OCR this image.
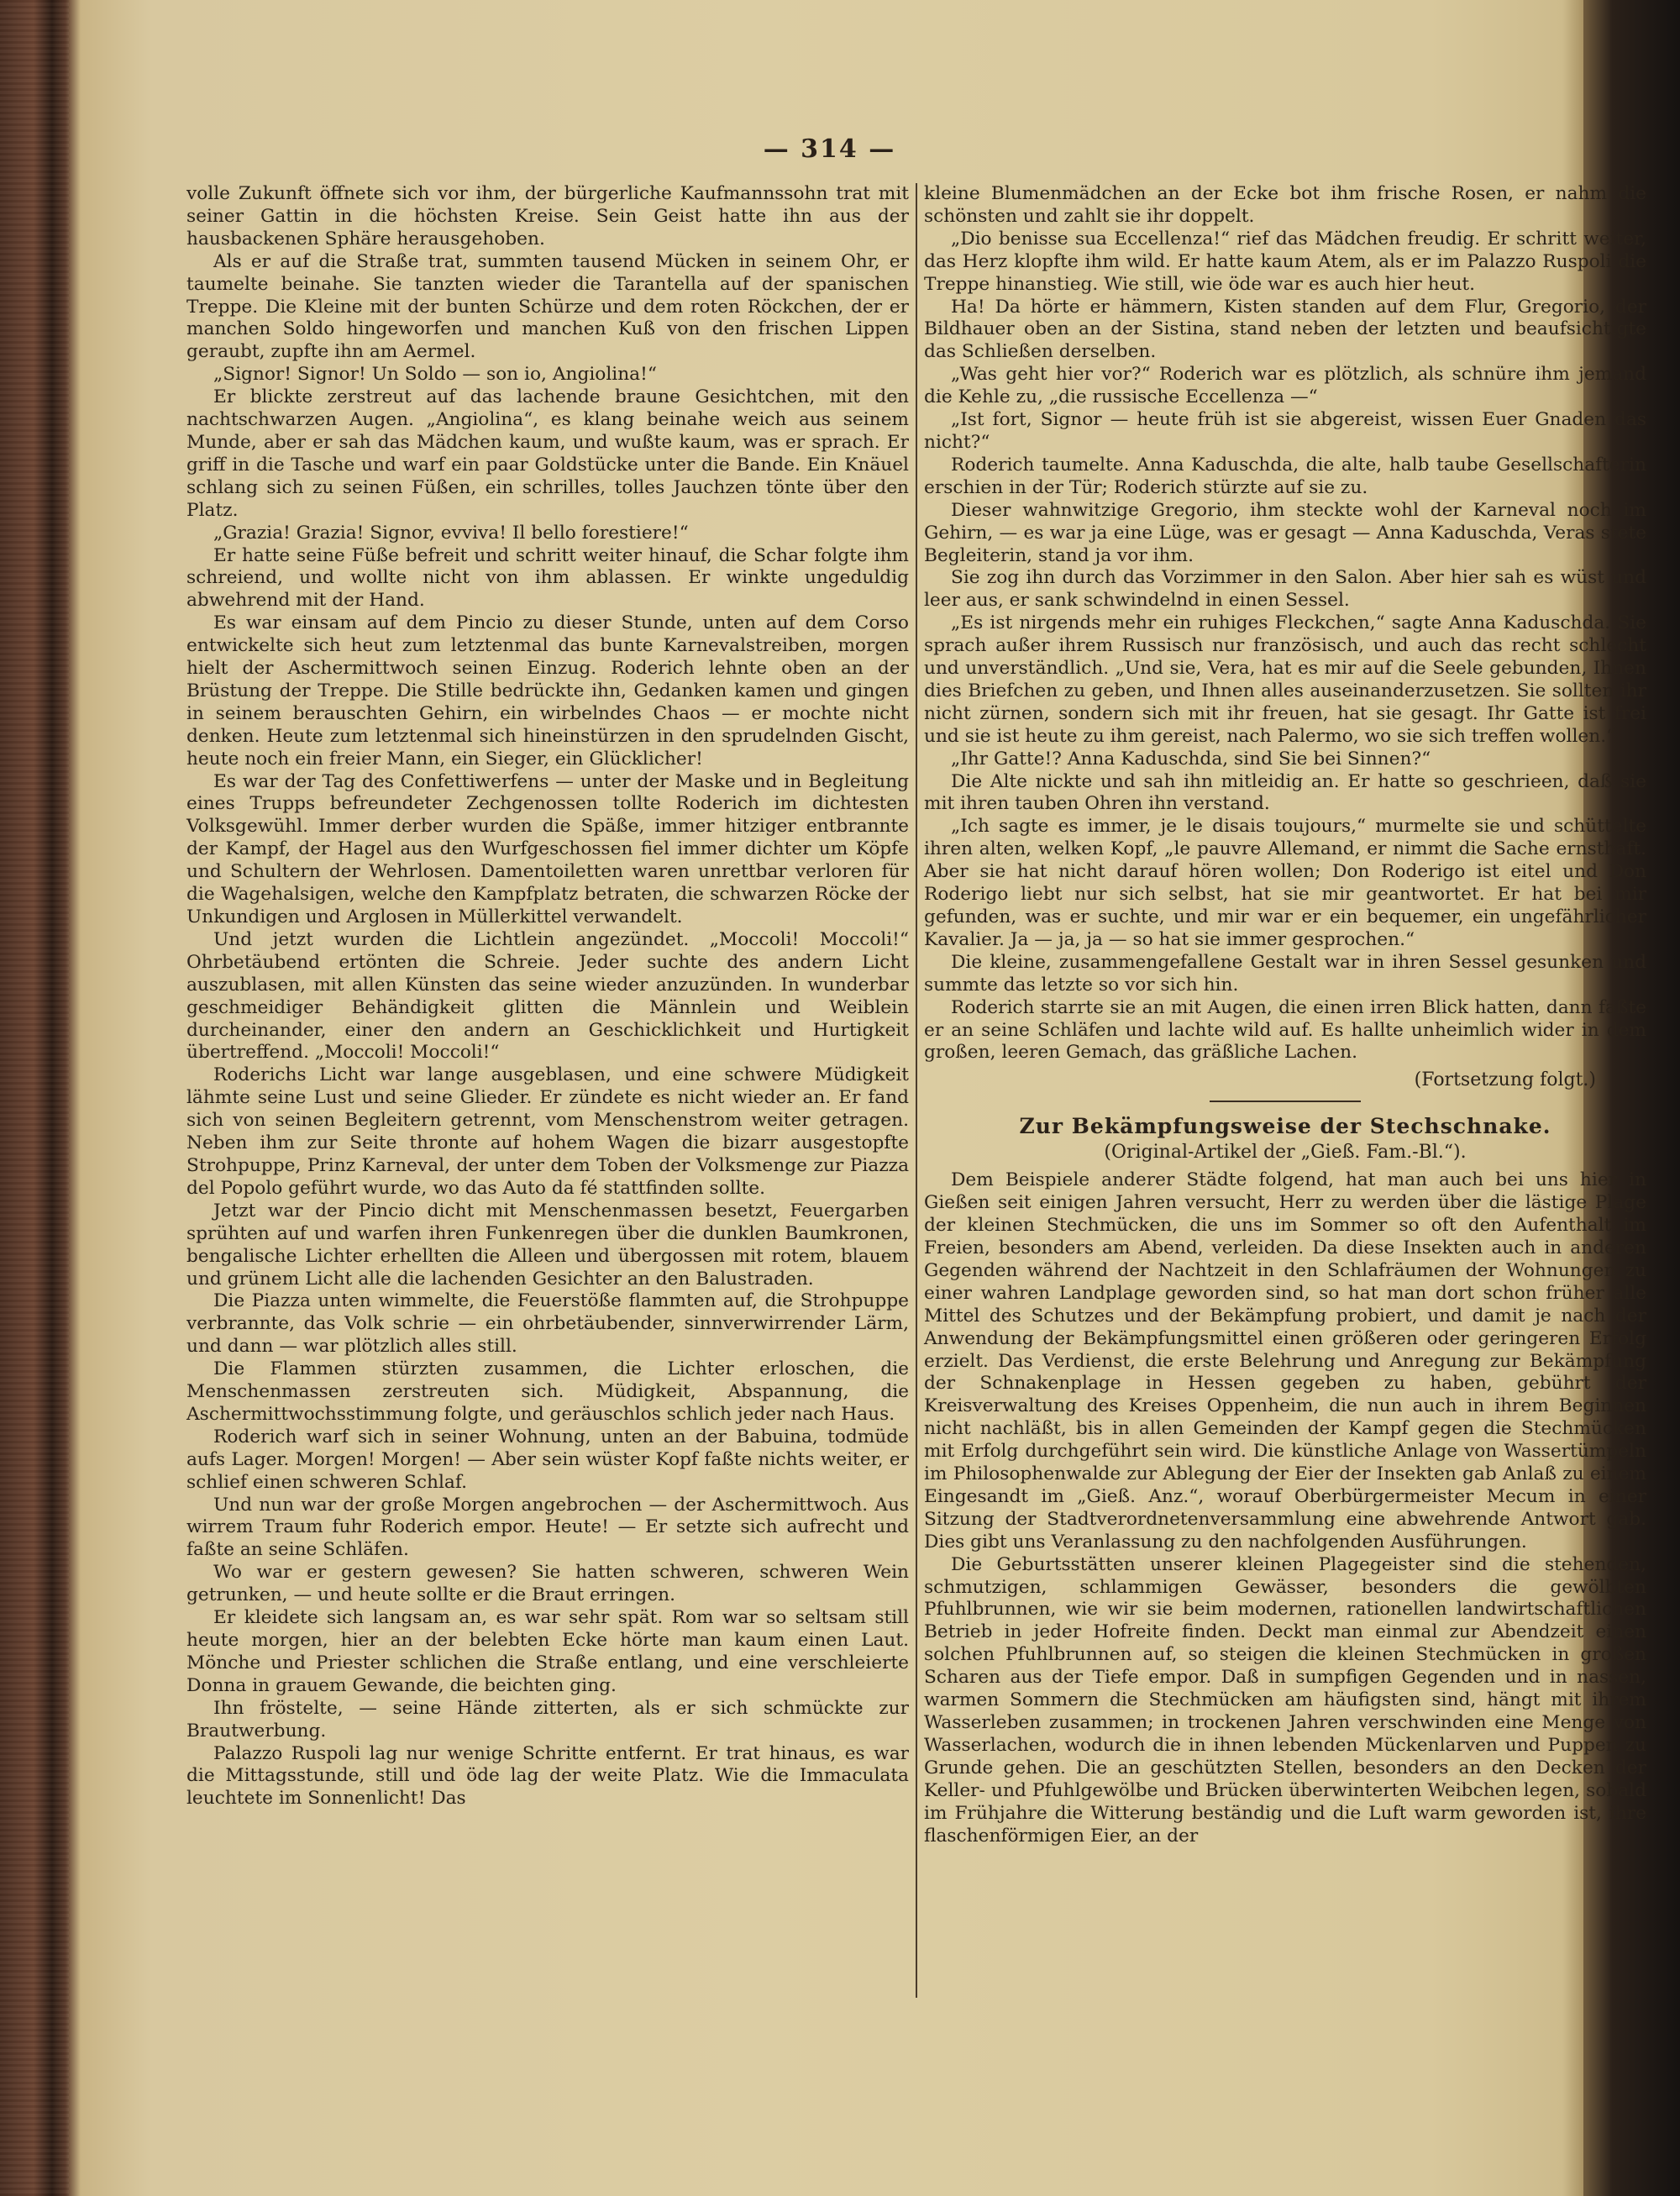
— 314 —

volle Zukunft öffnete sich vor ihm, der bürgerliche Kaufmannssohn trat mit seiner Gattin in die höchsten Kreise. Sein Geist hatte ihn aus der hausbackenen Sphäre herausgehoben.

Als er auf die Straße trat, summten tausend Mücken in seinem Ohr, er taumelte beinahe. Sie tanzten wieder die Tarantella auf der spanischen Treppe. Die Kleine mit der bunten Schürze und dem roten Röckchen, der er manchen Soldo hingeworfen und manchen Kuß von den frischen Lippen geraubt, zupfte ihn am Aermel.

„Signor! Signor! Un Soldo — son io, Angiolina!“

Er blickte zerstreut auf das lachende braune Gesichtchen, mit den nachtschwarzen Augen. „Angiolina“, es klang beinahe weich aus seinem Munde, aber er sah das Mädchen kaum, und wußte kaum, was er sprach. Er griff in die Tasche und warf ein paar Goldstücke unter die Bande. Ein Knäuel schlang sich zu seinen Füßen, ein schrilles, tolles Jauchzen tönte über den Platz.

„Grazia! Grazia! Signor, evviva! Il bello forestiere!“

Er hatte seine Füße befreit und schritt weiter hinauf, die Schar folgte ihm schreiend, und wollte nicht von ihm ablassen. Er winkte ungeduldig abwehrend mit der Hand.

Es war einsam auf dem Pincio zu dieser Stunde, unten auf dem Corso entwickelte sich heut zum letztenmal das bunte Karnevalstreiben, morgen hielt der Aschermittwoch seinen Einzug. Roderich lehnte oben an der Brüstung der Treppe. Die Stille bedrückte ihn, Gedanken kamen und gingen in seinem berauschten Gehirn, ein wirbelndes Chaos — er mochte nicht denken. Heute zum letztenmal sich hineinstürzen in den sprudelnden Gischt, heute noch ein freier Mann, ein Sieger, ein Glücklicher!

Es war der Tag des Confettiwerfens — unter der Maske und in Begleitung eines Trupps befreundeter Zechgenossen tollte Roderich im dichtesten Volksgewühl. Immer derber wurden die Späße, immer hitziger entbrannte der Kampf, der Hagel aus den Wurfgeschossen fiel immer dichter um Köpfe und Schultern der Wehrlosen. Damentoiletten waren unrettbar verloren für die Wagehalsigen, welche den Kampfplatz betraten, die schwarzen Röcke der Unkundigen und Arglosen in Müllerkittel verwandelt.

Und jetzt wurden die Lichtlein angezündet. „Moccoli! Moccoli!“ Ohrbetäubend ertönten die Schreie. Jeder suchte des andern Licht auszublasen, mit allen Künsten das seine wieder anzuzünden. In wunderbar geschmeidiger Behändigkeit glitten die Männlein und Weiblein durcheinander, einer den andern an Geschicklichkeit und Hurtigkeit übertreffend. „Moccoli! Moccoli!“

Roderichs Licht war lange ausgeblasen, und eine schwere Müdigkeit lähmte seine Lust und seine Glieder. Er zündete es nicht wieder an. Er fand sich von seinen Begleitern getrennt, vom Menschenstrom weiter getragen. Neben ihm zur Seite thronte auf hohem Wagen die bizarr ausgestopfte Strohpuppe, Prinz Karneval, der unter dem Toben der Volksmenge zur Piazza del Popolo geführt wurde, wo das Auto da fé stattfinden sollte.

Jetzt war der Pincio dicht mit Menschenmassen besetzt, Feuergarben sprühten auf und warfen ihren Funkenregen über die dunklen Baumkronen, bengalische Lichter erhellten die Alleen und übergossen mit rotem, blauem und grünem Licht alle die lachenden Gesichter an den Balustraden.

Die Piazza unten wimmelte, die Feuerstöße flammten auf, die Strohpuppe verbrannte, das Volk schrie — ein ohrbetäubender, sinnverwirrender Lärm, und dann — war plötzlich alles still.

Die Flammen stürzten zusammen, die Lichter erloschen, die Menschenmassen zerstreuten sich. Müdigkeit, Abspannung, die Aschermittwochsstimmung folgte, und geräuschlos schlich jeder nach Haus.

Roderich warf sich in seiner Wohnung, unten an der Babuina, todmüde aufs Lager. Morgen! Morgen! — Aber sein wüster Kopf faßte nichts weiter, er schlief einen schweren Schlaf.

Und nun war der große Morgen angebrochen — der Aschermittwoch. Aus wirrem Traum fuhr Roderich empor. Heute! — Er setzte sich aufrecht und faßte an seine Schläfen.

Wo war er gestern gewesen? Sie hatten schweren, schweren Wein getrunken, — und heute sollte er die Braut erringen.

Er kleidete sich langsam an, es war sehr spät. Rom war so seltsam still heute morgen, hier an der belebten Ecke hörte man kaum einen Laut. Mönche und Priester schlichen die Straße entlang, und eine verschleierte Donna in grauem Gewande, die beichten ging.

Ihn fröstelte, — seine Hände zitterten, als er sich schmückte zur Brautwerbung.

Palazzo Ruspoli lag nur wenige Schritte entfernt. Er trat hinaus, es war die Mittagsstunde, still und öde lag der weite Platz. Wie die Immaculata leuchtete im Sonnenlicht! Das

kleine Blumenmädchen an der Ecke bot ihm frische Rosen, er nahm die schönsten und zahlt sie ihr doppelt.

„Dio benisse sua Eccellenza!“ rief das Mädchen freudig. Er schritt weiter, das Herz klopfte ihm wild. Er hatte kaum Atem, als er im Palazzo Ruspoli die Treppe hinanstieg. Wie still, wie öde war es auch hier heut.

Ha! Da hörte er hämmern, Kisten standen auf dem Flur, Gregorio, der Bildhauer oben an der Sistina, stand neben der letzten und beaufsichtigte das Schließen derselben.

„Was geht hier vor?“ Roderich war es plötzlich, als schnüre ihm jemand die Kehle zu, „die russische Eccellenza —“

„Ist fort, Signor — heute früh ist sie abgereist, wissen Euer Gnaden das nicht?“

Roderich taumelte. Anna Kaduschda, die alte, halb taube Gesellschafterin erschien in der Tür; Roderich stürzte auf sie zu.

Dieser wahnwitzige Gregorio, ihm steckte wohl der Karneval noch im Gehirn, — es war ja eine Lüge, was er gesagt — Anna Kaduschda, Veras stete Begleiterin, stand ja vor ihm.

Sie zog ihn durch das Vorzimmer in den Salon. Aber hier sah es wüst und leer aus, er sank schwindelnd in einen Sessel.

„Es ist nirgends mehr ein ruhiges Fleckchen,“ sagte Anna Kaduschda. Sie sprach außer ihrem Russisch nur französisch, und auch das recht schlecht und unverständlich. „Und sie, Vera, hat es mir auf die Seele gebunden, Ihnen dies Briefchen zu geben, und Ihnen alles auseinanderzusetzen. Sie sollten ihr nicht zürnen, sondern sich mit ihr freuen, hat sie gesagt. Ihr Gatte ist frei und sie ist heute zu ihm gereist, nach Palermo, wo sie sich treffen wollen.“

„Ihr Gatte!? Anna Kaduschda, sind Sie bei Sinnen?“

Die Alte nickte und sah ihn mitleidig an. Er hatte so geschrieen, daß sie mit ihren tauben Ohren ihn verstand.

„Ich sagte es immer, je le disais toujours,“ murmelte sie und schüttelte ihren alten, welken Kopf, „le pauvre Allemand, er nimmt die Sache ernsthaft. Aber sie hat nicht darauf hören wollen; Don Roderigo ist eitel und Don Roderigo liebt nur sich selbst, hat sie mir geantwortet. Er hat bei mir gefunden, was er suchte, und mir war er ein bequemer, ein ungefährlicher Kavalier. Ja — ja, ja — so hat sie immer gesprochen.“

Die kleine, zusammengefallene Gestalt war in ihren Sessel gesunken und summte das letzte so vor sich hin.

Roderich starrte sie an mit Augen, die einen irren Blick hatten, dann faßte er an seine Schläfen und lachte wild auf. Es hallte unheimlich wider in dem großen, leeren Gemach, das gräßliche Lachen.

(Fortsetzung folgt.)
Zur Bekämpfungsweise der Stechschnake.
(Original-Artikel der „Gieß. Fam.-Bl.“).

Dem Beispiele anderer Städte folgend, hat man auch bei uns hier in Gießen seit einigen Jahren versucht, Herr zu werden über die lästige Plage der kleinen Stechmücken, die uns im Sommer so oft den Aufenthalt im Freien, besonders am Abend, verleiden. Da diese Insekten auch in anderen Gegenden während der Nachtzeit in den Schlafräumen der Wohnungen zu einer wahren Landplage geworden sind, so hat man dort schon früher alle Mittel des Schutzes und der Bekämpfung probiert, und damit je nach der Anwendung der Bekämpfungsmittel einen größeren oder geringeren Erfolg erzielt. Das Verdienst, die erste Belehrung und Anregung zur Bekämpfung der Schnakenplage in Hessen gegeben zu haben, gebührt der Kreisverwaltung des Kreises Oppenheim, die nun auch in ihrem Beginnen nicht nachläßt, bis in allen Gemeinden der Kampf gegen die Stechmücken mit Erfolg durchgeführt sein wird. Die künstliche Anlage von Wassertümpeln im Philosophenwalde zur Ablegung der Eier der Insekten gab Anlaß zu einem Eingesandt im „Gieß. Anz.“, worauf Oberbürgermeister Mecum in einer Sitzung der Stadtverordnetenversammlung eine abwehrende Antwort gab. Dies gibt uns Veranlassung zu den nachfolgenden Ausführungen.

Die Geburtsstätten unserer kleinen Plagegeister sind die stehenden, schmutzigen, schlammigen Gewässer, besonders die gewölbten Pfuhlbrunnen, wie wir sie beim modernen, rationellen landwirtschaftlichen Betrieb in jeder Hofreite finden. Deckt man einmal zur Abendzeit einen solchen Pfuhlbrunnen auf, so steigen die kleinen Stechmücken in großen Scharen aus der Tiefe empor. Daß in sumpfigen Gegenden und in nassen, warmen Sommern die Stechmücken am häufigsten sind, hängt mit ihrem Wasserleben zusammen; in trockenen Jahren verschwinden eine Menge von Wasserlachen, wodurch die in ihnen lebenden Mückenlarven und Puppen zu Grunde gehen. Die an geschützten Stellen, besonders an den Decken der Keller- und Pfuhlgewölbe und Brücken überwinterten Weibchen legen, sobald im Frühjahre die Witterung beständig und die Luft warm geworden ist, ihre flaschenförmigen Eier, an der
